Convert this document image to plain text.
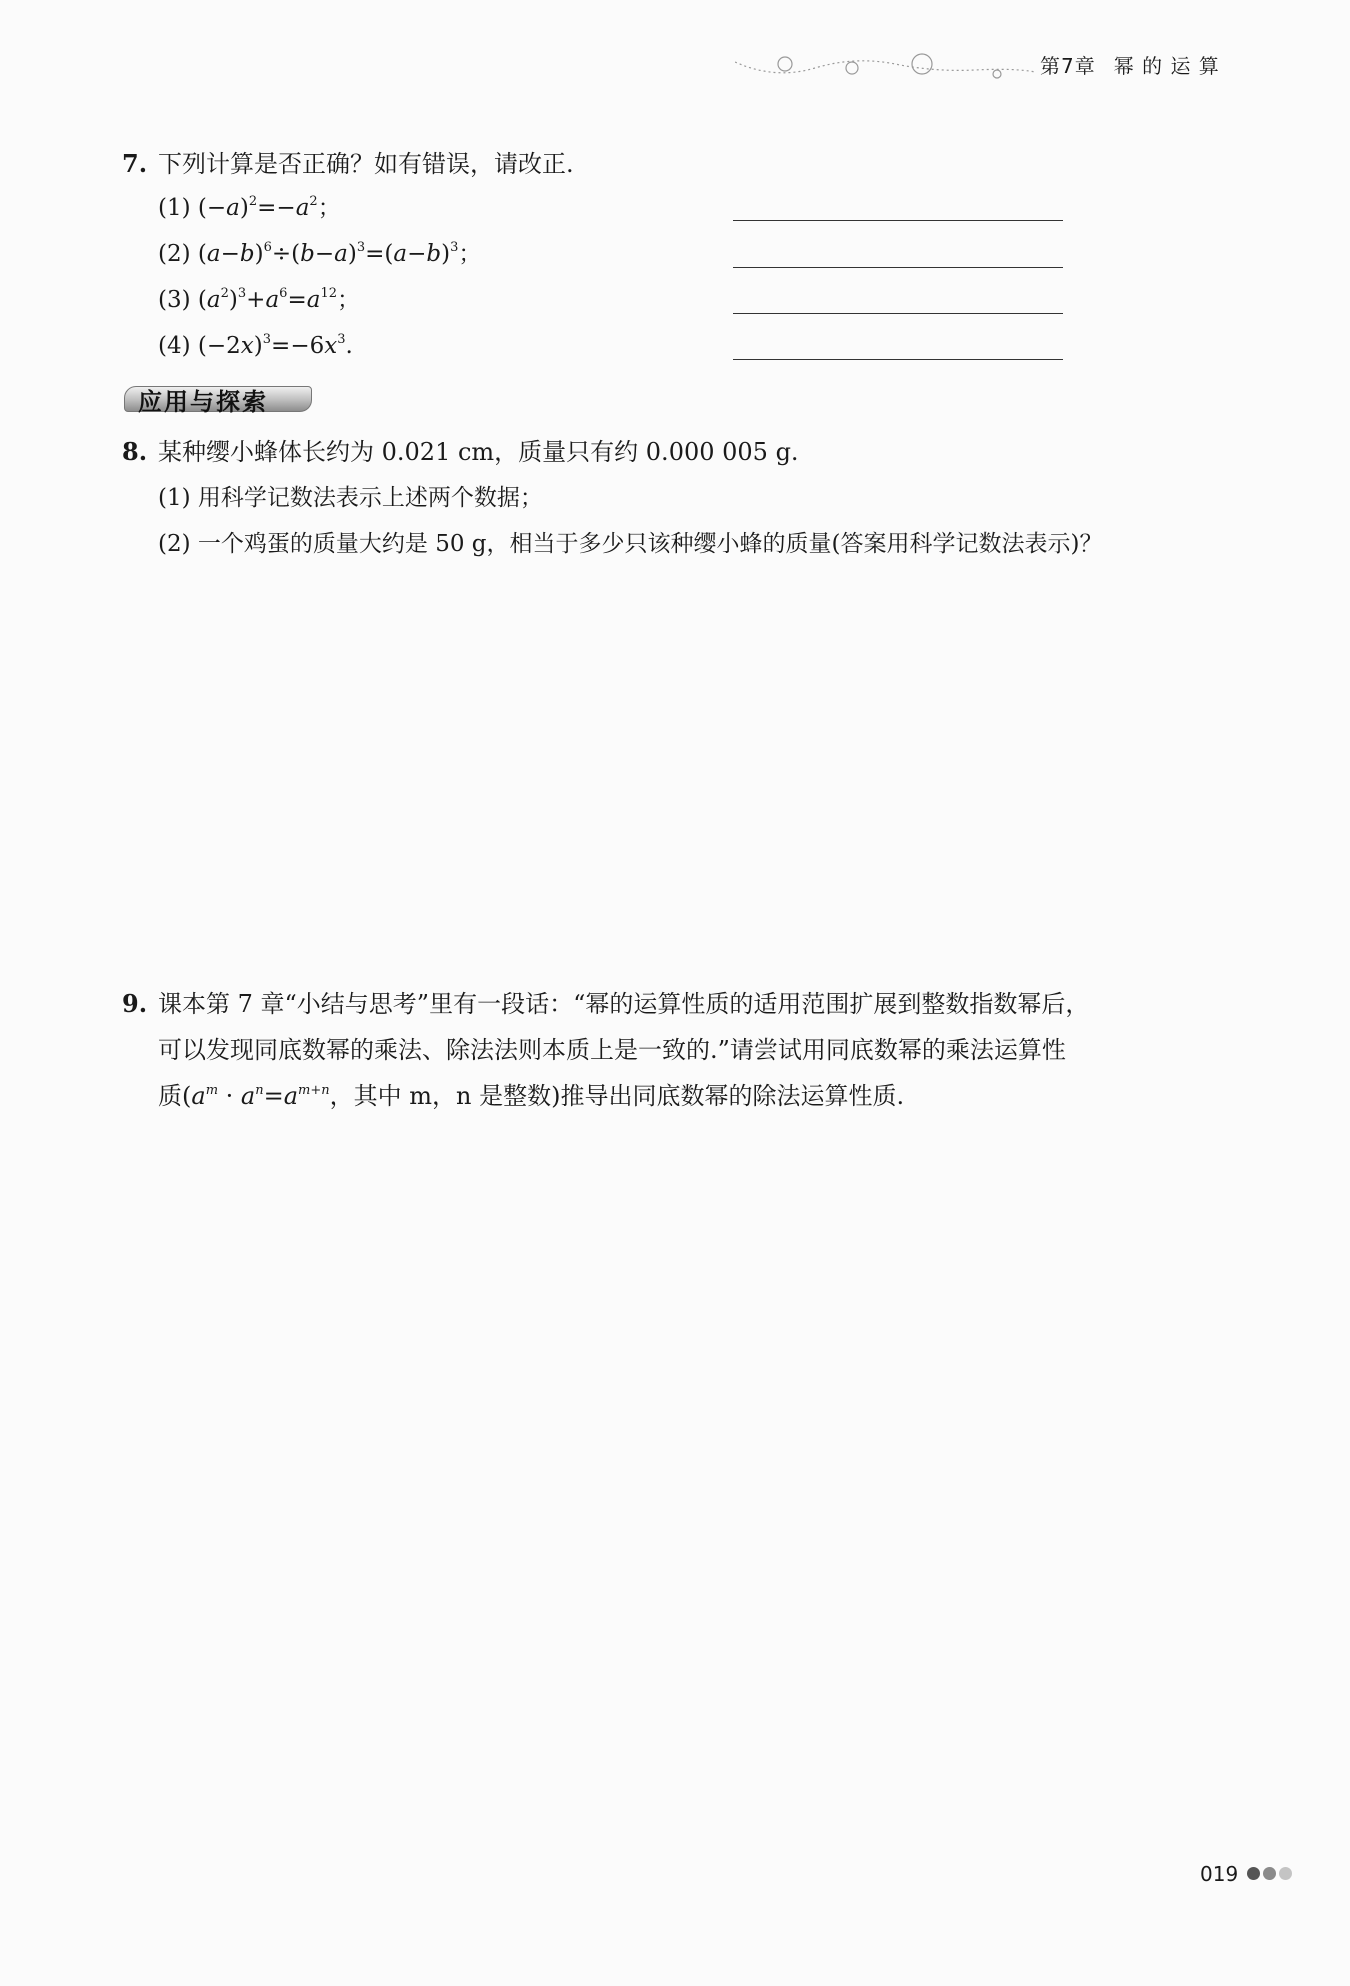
第7章 幂 的 运 算
7. 下列计算是否正确？如有错误，请改正.
(1) $(-a)^2=-a^2$；
(2) $(a-b)^6\div(b-a)^3=(a-b)^3$；
(3) $(a^2)^3+a^6=a^{12}$；
(4) $(-2x)^3=-6x^3$.
应用与探索
8. 某种缨小蜂体长约为 0.021 cm，质量只有约 0.000 005 g.
(1) 用科学记数法表示上述两个数据；
(2) 一个鸡蛋的质量大约是 50 g，相当于多少只该种缨小蜂的质量(答案用科学记数法表示)？
9. 课本第 7 章“小结与思考”里有一段话：“幂的运算性质的适用范围扩展到整数指数幂后，
可以发现同底数幂的乘法、除法法则本质上是一致的.”请尝试用同底数幂的乘法运算性
质($a^m \cdot a^n=a^{m+n}$，其中 m，n 是整数)推导出同底数幂的除法运算性质.
019
